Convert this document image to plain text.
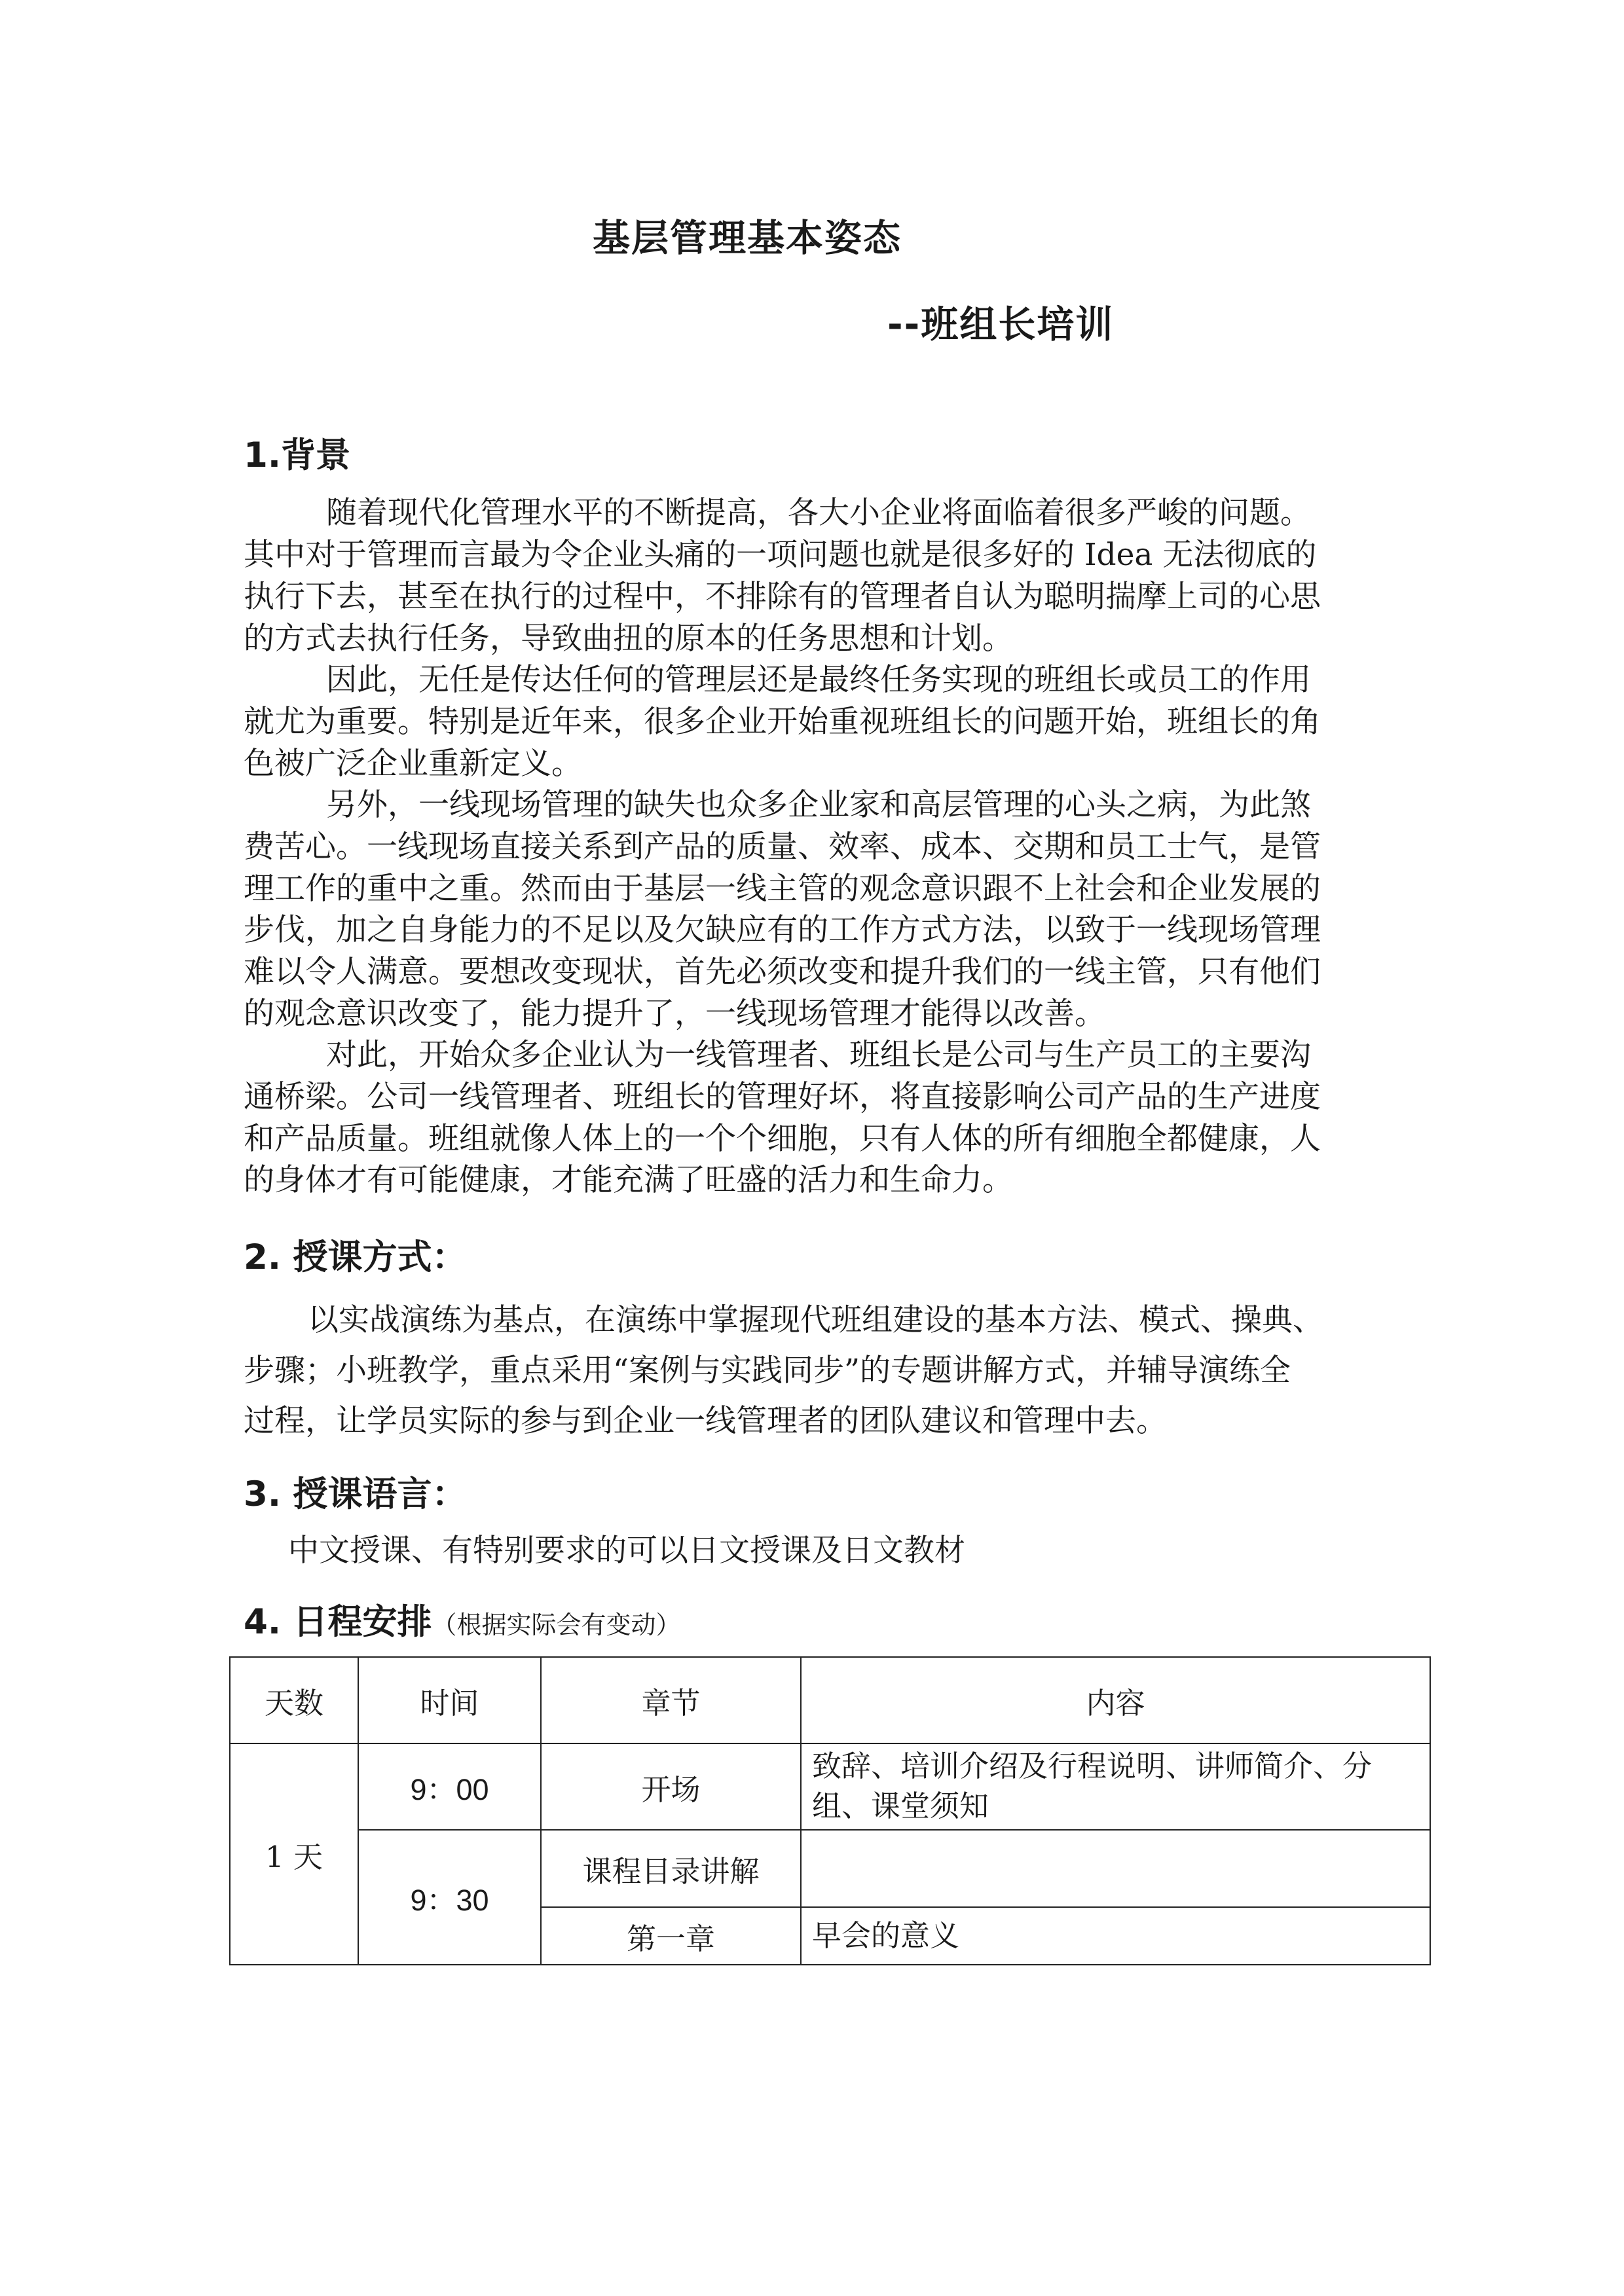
基层管理基本姿态
--班组长培训
1.背景
随着现代化管理水平的不断提高，各大小企业将面临着很多严峻的问题。
其中对于管理而言最为令企业头痛的一项问题也就是很多好的 Idea 无法彻底的
执行下去，甚至在执行的过程中，不排除有的管理者自认为聪明揣摩上司的心思
的方式去执行任务，导致曲扭的原本的任务思想和计划。
因此，无任是传达任何的管理层还是最终任务实现的班组长或员工的作用
就尤为重要。特别是近年来，很多企业开始重视班组长的问题开始，班组长的角
色被广泛企业重新定义。
另外，一线现场管理的缺失也众多企业家和高层管理的心头之病，为此煞
费苦心。一线现场直接关系到产品的质量、效率、成本、交期和员工士气，是管
理工作的重中之重。然而由于基层一线主管的观念意识跟不上社会和企业发展的
步伐，加之自身能力的不足以及欠缺应有的工作方式方法，以致于一线现场管理
难以令人满意。要想改变现状，首先必须改变和提升我们的一线主管，只有他们
的观念意识改变了，能力提升了，一线现场管理才能得以改善。
对此，开始众多企业认为一线管理者、班组长是公司与生产员工的主要沟
通桥梁。公司一线管理者、班组长的管理好坏，将直接影响公司产品的生产进度
和产品质量。班组就像人体上的一个个细胞，只有人体的所有细胞全都健康，人
的身体才有可能健康，才能充满了旺盛的活力和生命力。
2. 授课方式：
以实战演练为基点，在演练中掌握现代班组建设的基本方法、模式、操典、
步骤；小班教学，重点采用“案例与实践同步”的专题讲解方式，并辅导演练全
过程，让学员实际的参与到企业一线管理者的团队建议和管理中去。
3. 授课语言：
中文授课、有特别要求的可以日文授课及日文教材
4. 日程安排（根据实际会有变动）
天数	时间	章节	内容
1 天	9：00	开场	致辞、培训介绍及行程说明、讲师简介、分组、课堂须知
	9：30	课程目录讲解	
		第一章	早会的意义
